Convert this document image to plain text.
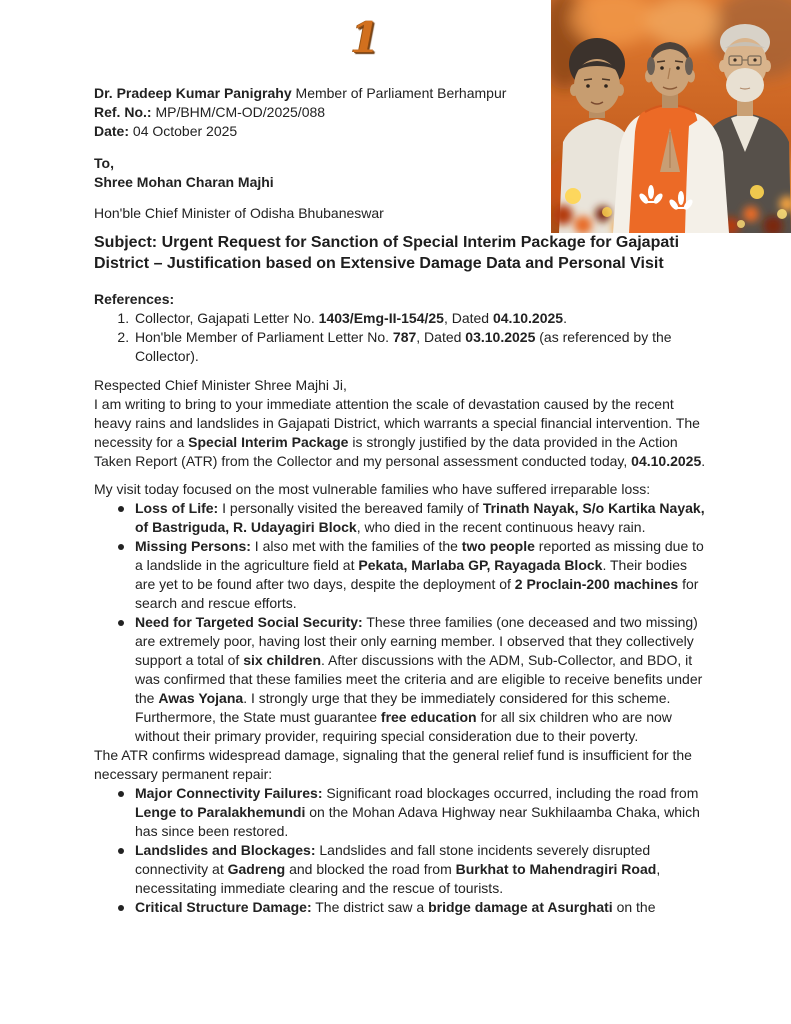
1

Dr. Pradeep Kumar Panigrahy Member of Parliament Berhampur

Ref. No.: MP/BHM/CM-OD/2025/088

Date: 04 October 2025

To,

Shree Mohan Charan Majhi

Hon'ble Chief Minister of Odisha Bhubaneswar

Subject: Urgent Request for Sanction of Special Interim Package for Gajapati District – Justification based on Extensive Damage Data and Personal Visit

References:

1. Collector, Gajapati Letter No. 1403/Emg-II-154/25, Dated 04.10.2025.
2. Hon'ble Member of Parliament Letter No. 787, Dated 03.10.2025 (as referenced by the Collector).

Respected Chief Minister Shree Majhi Ji,

I am writing to bring to your immediate attention the scale of devastation caused by the recent heavy rains and landslides in Gajapati District, which warrants a special financial intervention. The necessity for a Special Interim Package is strongly justified by the data provided in the Action Taken Report (ATR) from the Collector and my personal assessment conducted today, 04.10.2025.

My visit today focused on the most vulnerable families who have suffered irreparable loss:

Loss of Life: I personally visited the bereaved family of Trinath Nayak, S/o Kartika Nayak, of Bastriguda, R. Udayagiri Block, who died in the recent continuous heavy rain.
Missing Persons: I also met with the families of the two people reported as missing due to a landslide in the agriculture field at Pekata, Marlaba GP, Rayagada Block. Their bodies are yet to be found after two days, despite the deployment of 2 Proclain-200 machines for search and rescue efforts.
Need for Targeted Social Security: These three families (one deceased and two missing) are extremely poor, having lost their only earning member. I observed that they collectively support a total of six children. After discussions with the ADM, Sub-Collector, and BDO, it was confirmed that these families meet the criteria and are eligible to receive benefits under the Awas Yojana. I strongly urge that they be immediately considered for this scheme. Furthermore, the State must guarantee free education for all six children who are now without their primary provider, requiring special consideration due to their poverty.

The ATR confirms widespread damage, signaling that the general relief fund is insufficient for the necessary permanent repair:

Major Connectivity Failures: Significant road blockages occurred, including the road from Lenge to Paralakhemundi on the Mohan Adava Highway near Sukhilaamba Chaka, which has since been restored.
Landslides and Blockages: Landslides and fall stone incidents severely disrupted connectivity at Gadreng and blocked the road from Burkhat to Mahendragiri Road, necessitating immediate clearing and the rescue of tourists.
Critical Structure Damage: The district saw a bridge damage at Asurghati on the
